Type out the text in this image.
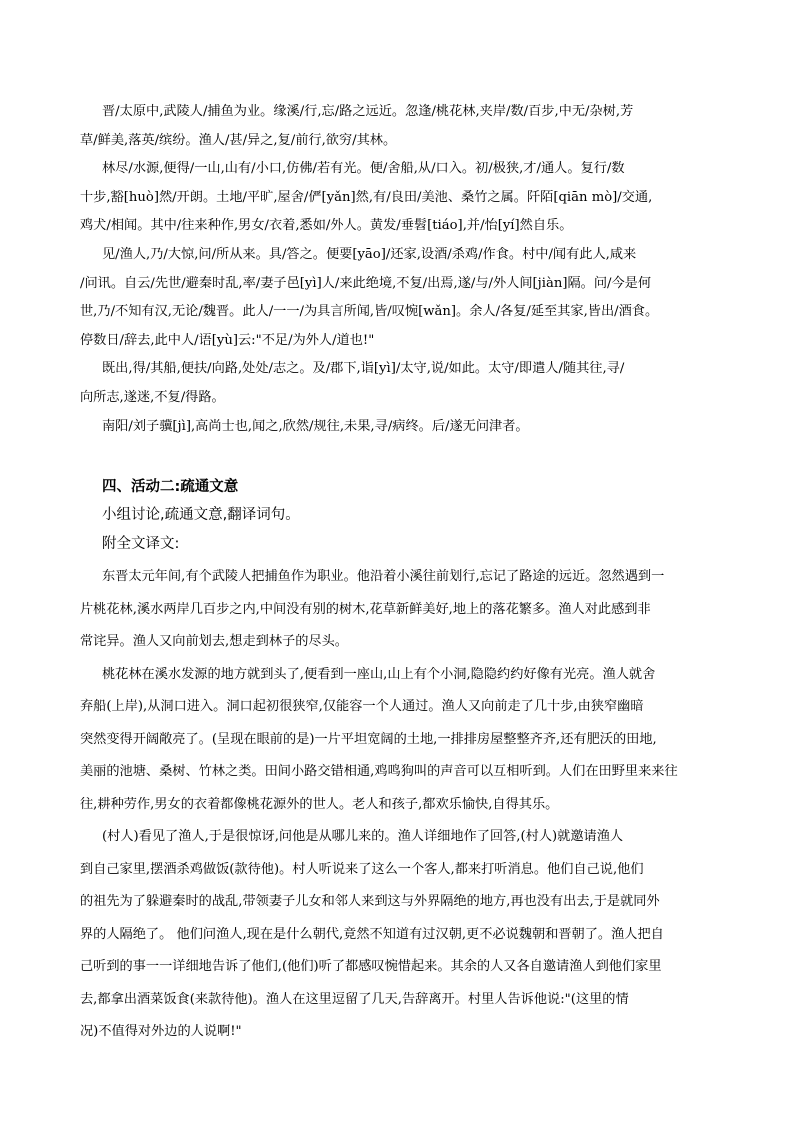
晋/太原中,武陵人/捕鱼为业。缘溪/行,忘/路之远近。忽逢/桃花林,夹岸/数/百步,中无/杂树,芳
草/鲜美,落英/缤纷。渔人/甚/异之,复/前行,欲穷/其林。
林尽/水源,便得/一山,山有/小口,仿佛/若有光。便/舍船,从/口入。初/极狭,才/通人。复行/数
十步,豁[huò]然/开朗。土地/平旷,屋舍/俨[yǎn]然,有/良田/美池、桑竹之属。阡陌[qiān mò]/交通,
鸡犬/相闻。其中/往来种作,男女/衣着,悉如/外人。黄发/垂髫[tiáo],并/怡[yí]然自乐。
见/渔人,乃/大惊,问/所从来。具/答之。便要[yāo]/还家,设酒/杀鸡/作食。村中/闻有此人,咸来
/问讯。自云/先世/避秦时乱,率/妻子邑[yì]人/来此绝境,不复/出焉,遂/与/外人间[jiàn]隔。问/今是何
世,乃/不知有汉,无论/魏晋。此人/一一/为具言所闻,皆/叹惋[wǎn]。余人/各复/延至其家,皆出/酒食。
停数日/辞去,此中人/语[yù]云:"不足/为外人/道也!"
既出,得/其船,便扶/向路,处处/志之。及/郡下,诣[yì]/太守,说/如此。太守/即遣人/随其往,寻/
向所志,遂迷,不复/得路。
南阳/刘子骥[jì],高尚士也,闻之,欣然/规往,未果,寻/病终。后/遂无问津者。
四、活动二:疏通文意
小组讨论,疏通文意,翻译词句。
附全文译文:
东晋太元年间,有个武陵人把捕鱼作为职业。他沿着小溪往前划行,忘记了路途的远近。忽然遇到一
片桃花林,溪水两岸几百步之内,中间没有别的树木,花草新鲜美好,地上的落花繁多。渔人对此感到非
常诧异。渔人又向前划去,想走到林子的尽头。
桃花林在溪水发源的地方就到头了,便看到一座山,山上有个小洞,隐隐约约好像有光亮。渔人就舍
弃船(上岸),从洞口进入。洞口起初很狭窄,仅能容一个人通过。渔人又向前走了几十步,由狭窄幽暗
突然变得开阔敞亮了。(呈现在眼前的是)一片平坦宽阔的土地,一排排房屋整整齐齐,还有肥沃的田地,
美丽的池塘、桑树、竹林之类。田间小路交错相通,鸡鸣狗叫的声音可以互相听到。人们在田野里来来往
往,耕种劳作,男女的衣着都像桃花源外的世人。老人和孩子,都欢乐愉快,自得其乐。
(村人)看见了渔人,于是很惊讶,问他是从哪儿来的。渔人详细地作了回答,(村人)就邀请渔人
到自己家里,摆酒杀鸡做饭(款待他)。村人听说来了这么一个客人,都来打听消息。他们自己说,他们
的祖先为了躲避秦时的战乱,带领妻子儿女和邻人来到这与外界隔绝的地方,再也没有出去,于是就同外
界的人隔绝了。 他们问渔人,现在是什么朝代,竟然不知道有过汉朝,更不必说魏朝和晋朝了。渔人把自
己听到的事一一详细地告诉了他们,(他们)听了都感叹惋惜起来。其余的人又各自邀请渔人到他们家里
去,都拿出酒菜饭食(来款待他)。渔人在这里逗留了几天,告辞离开。村里人告诉他说:"(这里的情
况)不值得对外边的人说啊!"
